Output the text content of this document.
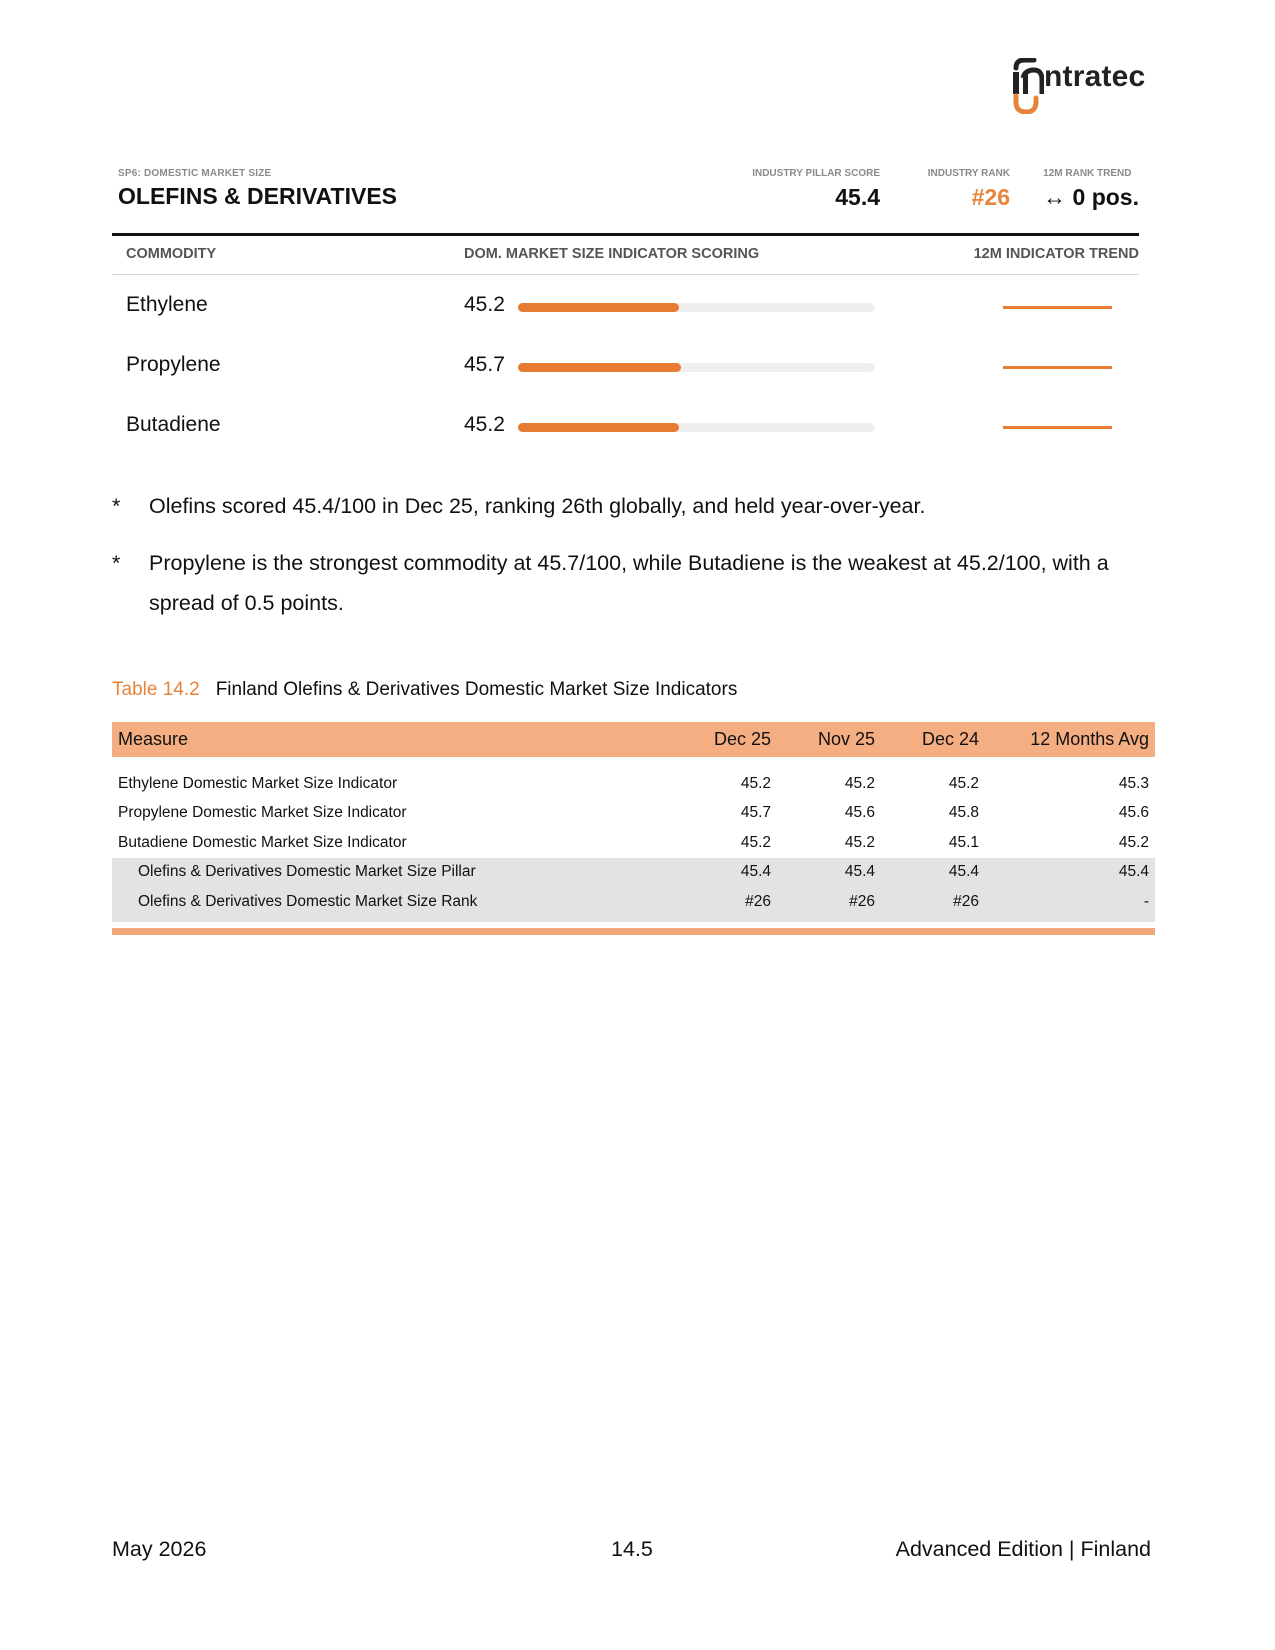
ntratec
SP6: DOMESTIC MARKET SIZE
OLEFINS & DERIVATIVES
INDUSTRY PILLAR SCORE
45.4
INDUSTRY RANK
#26
12M RANK TREND
↔ 0 pos.
COMMODITY	DOM. MARKET SIZE INDICATOR SCORING	12M INDICATOR TREND
Ethylene	45.2
Propylene	45.7
Butadiene	45.2
* Olefins scored 45.4/100 in Dec 25, ranking 26th globally, and held year-over-year.
* Propylene is the strongest commodity at 45.7/100, while Butadiene is the weakest at 45.2/100, with a spread of 0.5 points.
Table 14.2 Finland Olefins & Derivatives Domestic Market Size Indicators
Measure	Dec 25	Nov 25	Dec 24	12 Months Avg

Ethylene Domestic Market Size Indicator	45.2	45.2	45.2	45.3
Propylene Domestic Market Size Indicator	45.7	45.6	45.8	45.6
Butadiene Domestic Market Size Indicator	45.2	45.2	45.1	45.2
Olefins & Derivatives Domestic Market Size Pillar	45.4	45.4	45.4	45.4
Olefins & Derivatives Domestic Market Size Rank	#26	#26	#26	-
May 2026	14.5	Advanced Edition | Finland
